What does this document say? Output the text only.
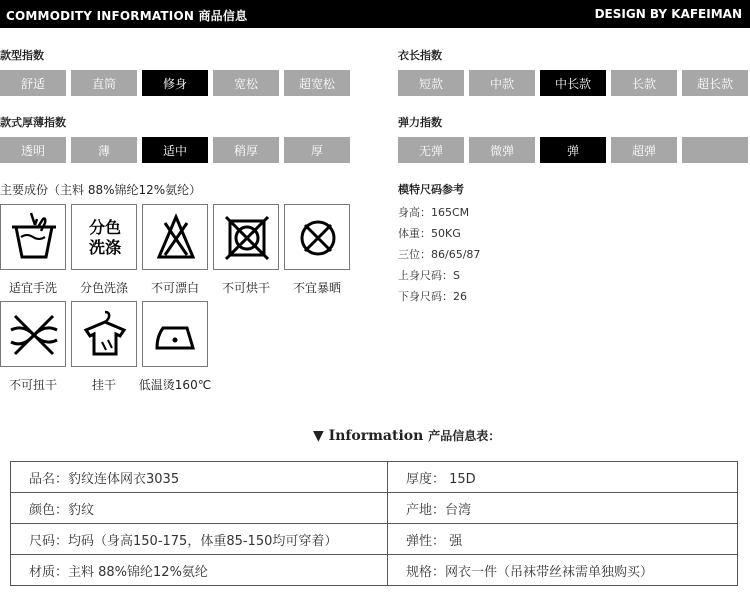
COMMODITY INFORMATION 商品信息	DESIGN BY KAFEIMAN
款型指数
舒适	直筒	修身	宽松	超宽松
衣长指数
短款	中款	中长款	长款	超长款
款式厚薄指数
透明	薄	适中	稍厚	厚
弹力指数
无弹	微弹	弹	超弹
主要成份（主料 88%锦纶12%氨纶）
分色
洗涤
适宜手洗	分色洗涤	不可漂白	不可烘干	不宜暴晒
不可扭干	挂干	低温烫160℃
模特尺码参考
身高：165CM
体重：50KG
三位：86/65/87
上身尺码：S
下身尺码：26
▼ Information 产品信息表：
品名：豹纹连体网衣3035	厚度： 15D
颜色：豹纹	产地：台湾
尺码：均码（身高150-175，体重85-150均可穿着）	弹性： 强
材质：主料 88%锦纶12%氨纶	规格：网衣一件（吊袜带丝袜需单独购买）
